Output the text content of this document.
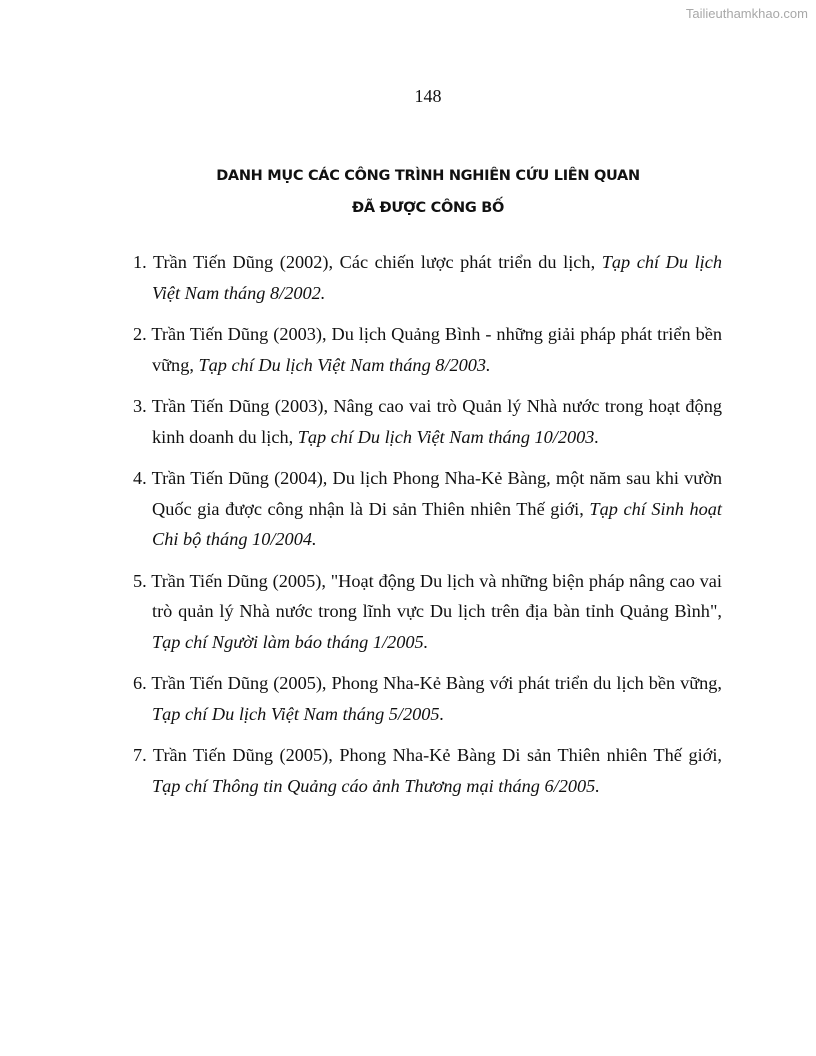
Tailieuthamkhao.com
148
DANH MỤC CÁC CÔNG TRÌNH NGHIÊN CỨU LIÊN QUAN
ĐÃ ĐƯỢC CÔNG BỐ
1. Trần Tiến Dũng (2002), Các chiến lược phát triển du lịch, Tạp chí Du lịch Việt Nam tháng 8/2002.
2. Trần Tiến Dũng (2003), Du lịch Quảng Bình - những giải pháp phát triển bền vững, Tạp chí Du lịch Việt Nam tháng 8/2003.
3. Trần Tiến Dũng (2003), Nâng cao vai trò Quản lý Nhà nước trong hoạt động kinh doanh du lịch, Tạp chí Du lịch Việt Nam tháng 10/2003.
4. Trần Tiến Dũng (2004), Du lịch Phong Nha-Kẻ Bàng, một năm sau khi vườn Quốc gia được công nhận là Di sản Thiên nhiên Thế giới, Tạp chí Sinh hoạt Chi bộ tháng 10/2004.
5. Trần Tiến Dũng (2005), "Hoạt động Du lịch và những biện pháp nâng cao vai trò quản lý Nhà nước trong lĩnh vực Du lịch trên địa bàn tỉnh Quảng Bình", Tạp chí Người làm báo tháng 1/2005.
6. Trần Tiến Dũng (2005), Phong Nha-Kẻ Bàng với phát triển du lịch bền vững, Tạp chí Du lịch Việt Nam tháng 5/2005.
7. Trần Tiến Dũng (2005), Phong Nha-Kẻ Bàng Di sản Thiên nhiên Thế giới, Tạp chí Thông tin Quảng cáo ảnh Thương mại tháng 6/2005.
